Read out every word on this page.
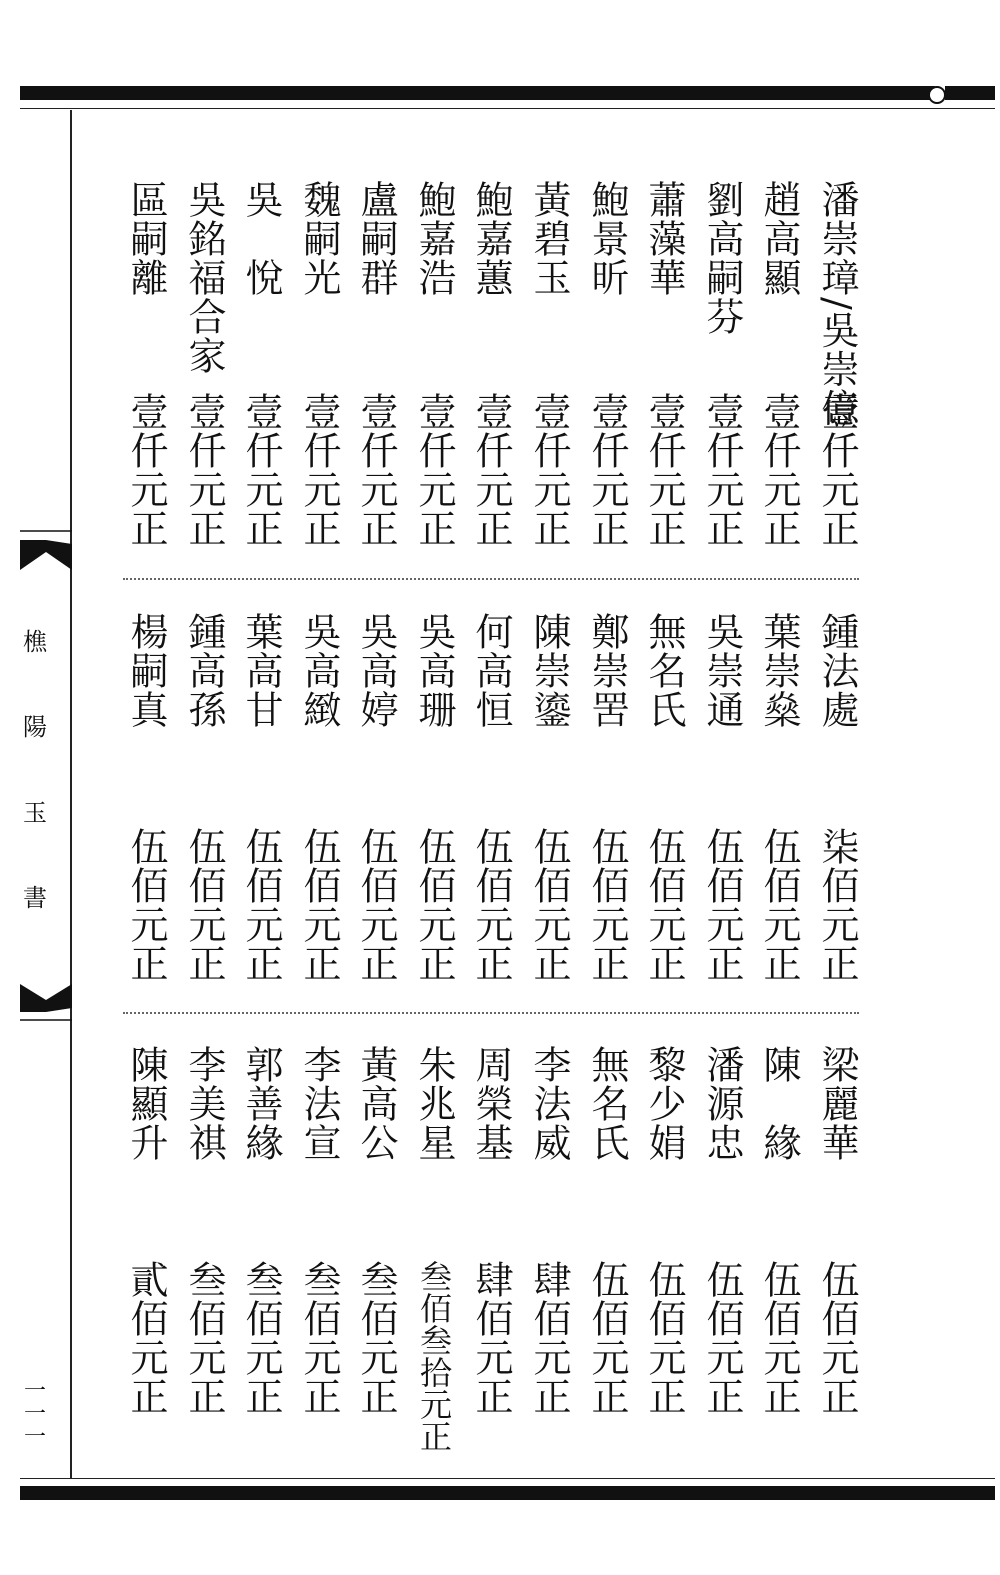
樵
陽
玉
書
一
一
一
潘崇璋/吳崇億
壹仟元正
趙高顯
壹仟元正
劉高嗣芬
壹仟元正
蕭藻華
壹仟元正
鮑景昕
壹仟元正
黃碧玉
壹仟元正
鮑嘉蕙
壹仟元正
鮑嘉浩
壹仟元正
盧嗣群
壹仟元正
魏嗣光
壹仟元正
吳　悅
壹仟元正
吳銘福合家
壹仟元正
區嗣離
壹仟元正
鍾法處
柒佰元正
葉崇燊
伍佰元正
吳崇通
伍佰元正
無名氏
伍佰元正
鄭崇罟
伍佰元正
陳崇鎏
伍佰元正
何高恒
伍佰元正
吳高珊
伍佰元正
吳高婷
伍佰元正
吳高緻
伍佰元正
葉高甘
伍佰元正
鍾高孫
伍佰元正
楊嗣真
伍佰元正
梁麗華
伍佰元正
陳　緣
伍佰元正
潘源忠
伍佰元正
黎少娟
伍佰元正
無名氏
伍佰元正
李法威
肆佰元正
周榮基
肆佰元正
朱兆星
叁佰叁拾元正
黃高公
叁佰元正
李法宣
叁佰元正
郭善緣
叁佰元正
李美祺
叁佰元正
陳顯升
貳佰元正
